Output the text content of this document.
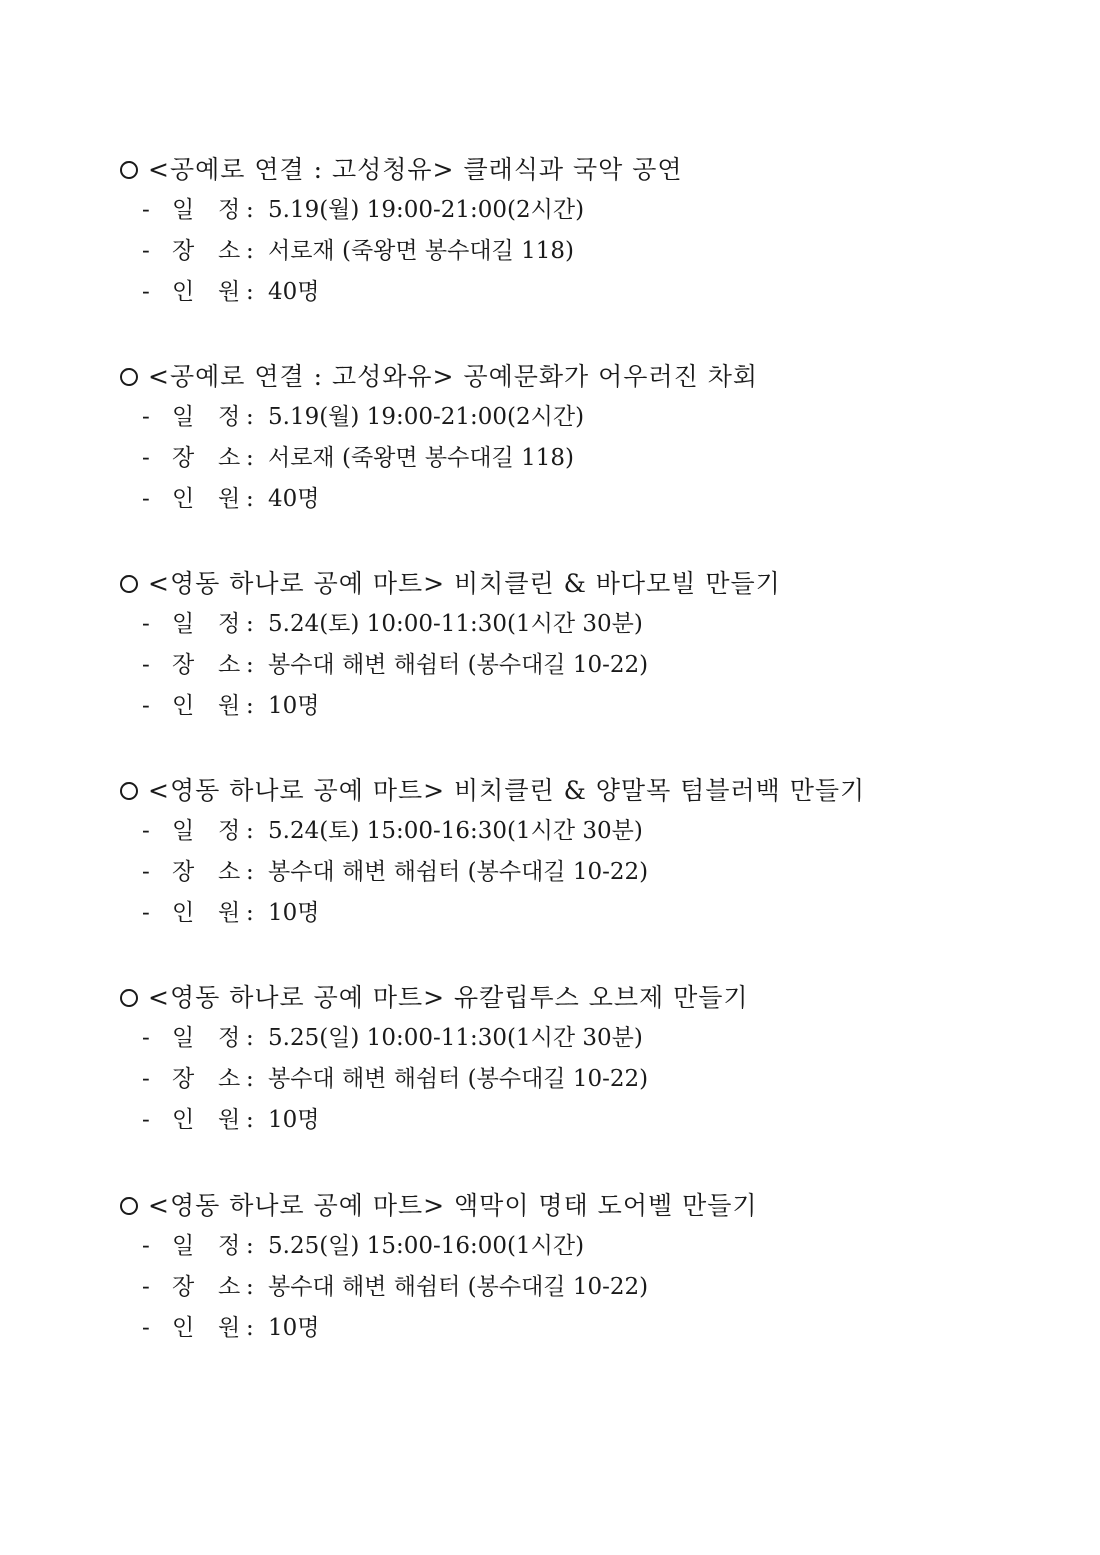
<공예로 연결 : 고성청유> 클래식과 국악 공연
- 일 정 : 5.19(월) 19:00-21:00(2시간)
- 장 소 : 서로재 (죽왕면 봉수대길 118)
- 인 원 : 40명
<공예로 연결 : 고성와유> 공예문화가 어우러진 차회
- 일 정 : 5.19(월) 19:00-21:00(2시간)
- 장 소 : 서로재 (죽왕면 봉수대길 118)
- 인 원 : 40명
<영동 하나로 공예 마트> 비치클린 & 바다모빌 만들기
- 일 정 : 5.24(토) 10:00-11:30(1시간 30분)
- 장 소 : 봉수대 해변 해쉼터 (봉수대길 10-22)
- 인 원 : 10명
<영동 하나로 공예 마트> 비치클린 & 양말목 텀블러백 만들기
- 일 정 : 5.24(토) 15:00-16:30(1시간 30분)
- 장 소 : 봉수대 해변 해쉼터 (봉수대길 10-22)
- 인 원 : 10명
<영동 하나로 공예 마트> 유칼립투스 오브제 만들기
- 일 정 : 5.25(일) 10:00-11:30(1시간 30분)
- 장 소 : 봉수대 해변 해쉼터 (봉수대길 10-22)
- 인 원 : 10명
<영동 하나로 공예 마트> 액막이 명태 도어벨 만들기
- 일 정 : 5.25(일) 15:00-16:00(1시간)
- 장 소 : 봉수대 해변 해쉼터 (봉수대길 10-22)
- 인 원 : 10명
